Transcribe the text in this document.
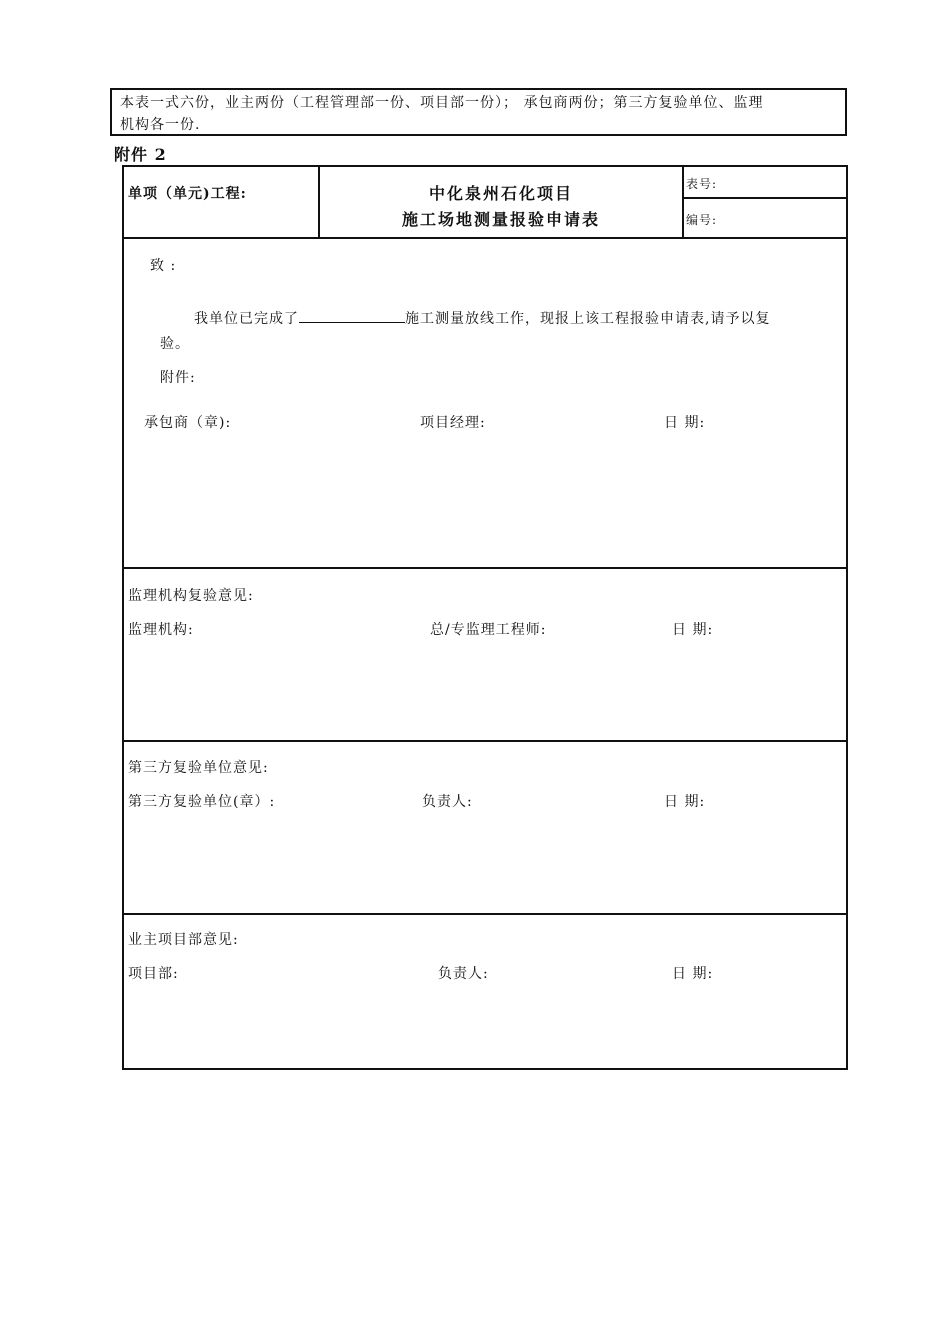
本表一式六份，业主两份（工程管理部一份、项目部一份）； 承包商两份；第三方复验单位、监理
机构各一份.
附件 2
单项（单元)工程:	中化泉州石化项目
施工场地测量报验申请表
表号:
编号:
致 :
我单位已完成了	施工测量放线工作，现报上该工程报验申请表,请予以复
验。
附件:
承包商（章):	项目经理:	日 期:
监理机构复验意见:
监理机构:	总/专监理工程师:	日 期:
第三方复验单位意见:
第三方复验单位(章）:	负责人:	日 期:
业主项目部意见:
项目部:	负责人:	日 期:
